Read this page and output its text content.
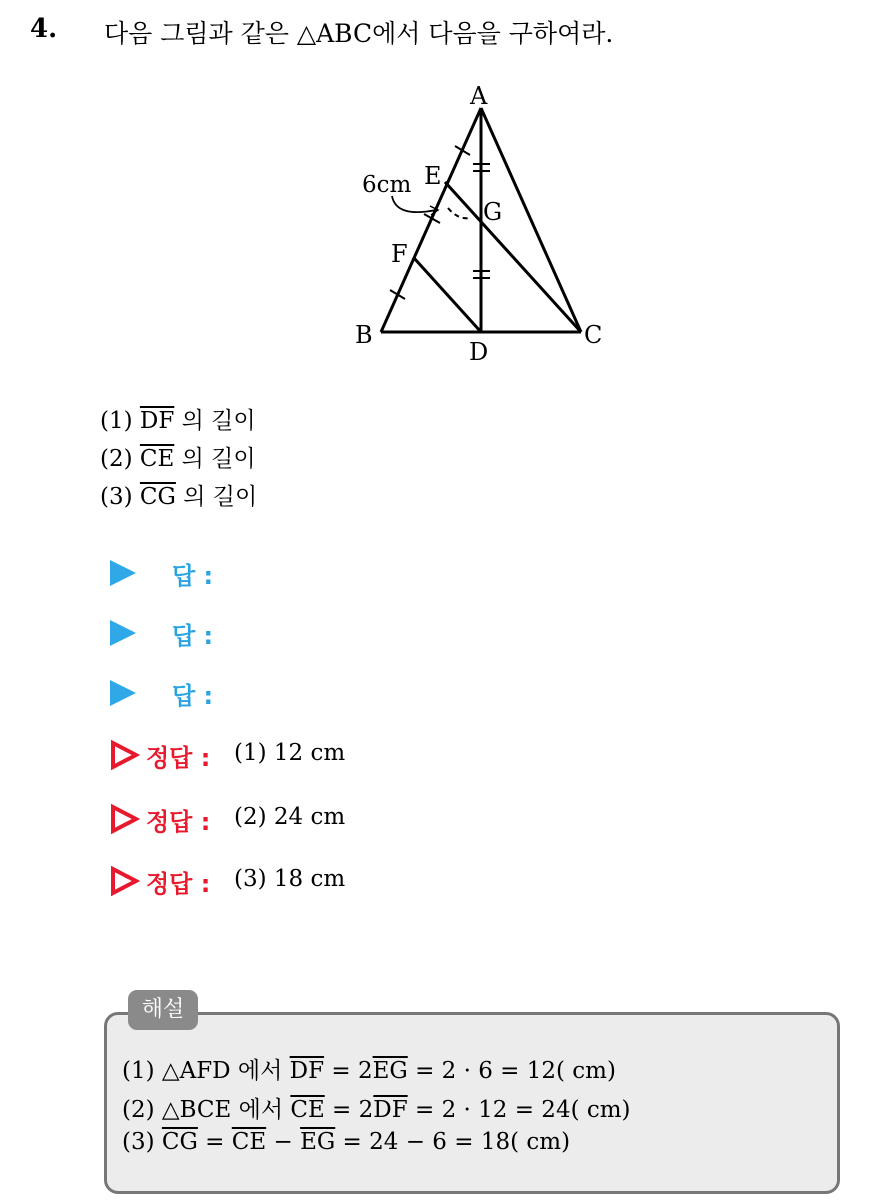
4. 다음 그림과 같은 △ABC에서 다음을 구하여라.
A
B	C
D
E
F
G
6cm
(1) $\overline{DF}$ 의 길이
(2) $\overline{CE}$ 의 길이
(3) $\overline{CG}$ 의 길이
답 :
답 :
답 :
정답 : (1) 12 cm
정답 : (2) 24 cm
정답 : (3) 18 cm
해설
(1) △AFD 에서 $\overline{DF} = 2\overline{EG} = 2 \cdot 6 = 12$( cm)
(2) △BCE 에서 $\overline{CE} = 2\overline{DF} = 2 \cdot 12 = 24$( cm)
(3) $\overline{CG} = \overline{CE} - \overline{EG} = 24 - 6 = 18$( cm)
